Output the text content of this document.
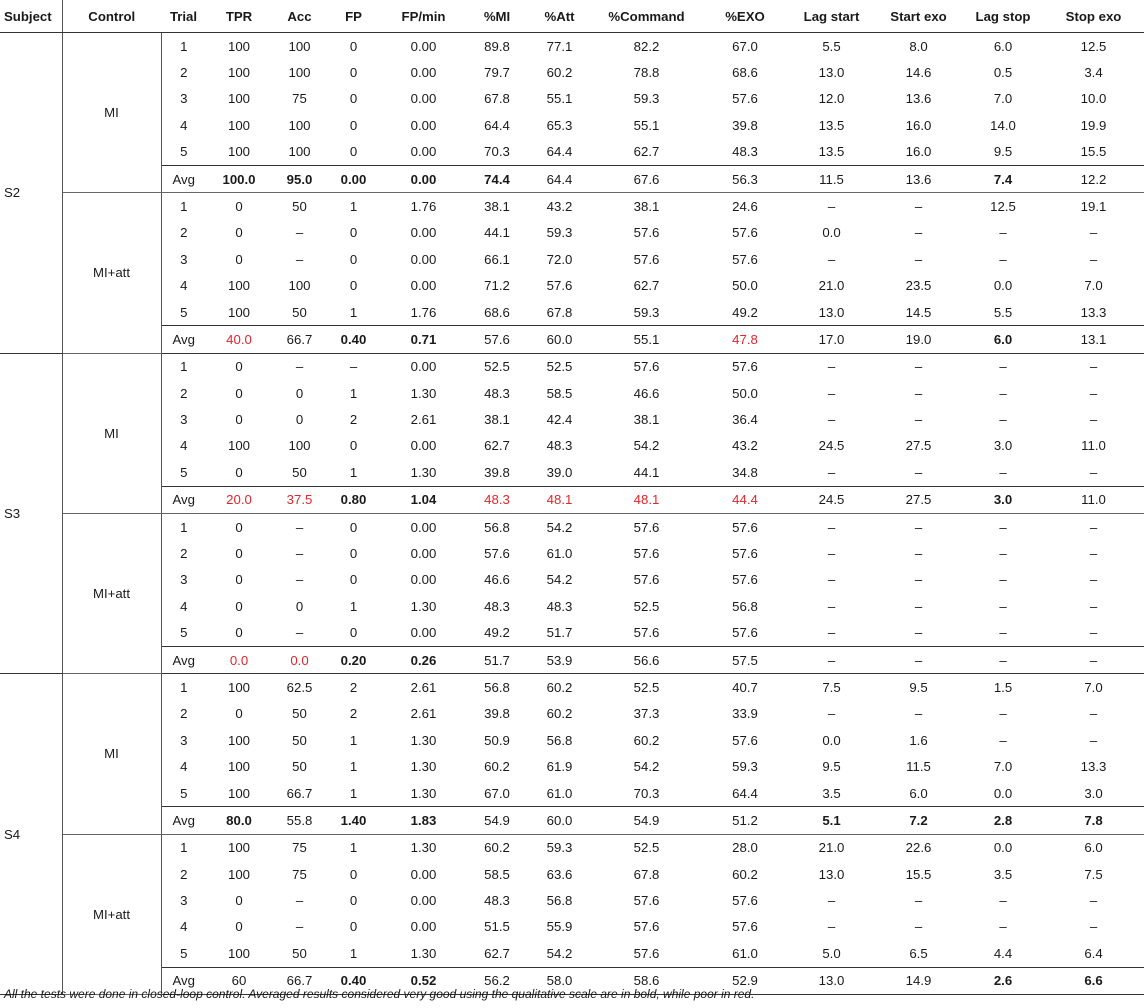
Subject	Control	Trial	TPR	Acc	FP	FP/min	%MI	%Att	%Command	%EXO	Lag start	Start exo	Lag stop	Stop exo
S2	MI	1	100	100	0	0.00	89.8	77.1	82.2	67.0	5.5	8.0	6.0	12.5
		2	100	100	0	0.00	79.7	60.2	78.8	68.6	13.0	14.6	0.5	3.4
		3	100	75	0	0.00	67.8	55.1	59.3	57.6	12.0	13.6	7.0	10.0
		4	100	100	0	0.00	64.4	65.3	55.1	39.8	13.5	16.0	14.0	19.9
		5	100	100	0	0.00	70.3	64.4	62.7	48.3	13.5	16.0	9.5	15.5
		Avg	100.0	95.0	0.00	0.00	74.4	64.4	67.6	56.3	11.5	13.6	7.4	12.2
	MI+att	1	0	50	1	1.76	38.1	43.2	38.1	24.6	–	–	12.5	19.1
		2	0	–	0	0.00	44.1	59.3	57.6	57.6	0.0	–	–	–
		3	0	–	0	0.00	66.1	72.0	57.6	57.6	–	–	–	–
		4	100	100	0	0.00	71.2	57.6	62.7	50.0	21.0	23.5	0.0	7.0
		5	100	50	1	1.76	68.6	67.8	59.3	49.2	13.0	14.5	5.5	13.3
		Avg	40.0	66.7	0.40	0.71	57.6	60.0	55.1	47.8	17.0	19.0	6.0	13.1
S3	MI	1	0	–	–	0.00	52.5	52.5	57.6	57.6	–	–	–	–
		2	0	0	1	1.30	48.3	58.5	46.6	50.0	–	–	–	–
		3	0	0	2	2.61	38.1	42.4	38.1	36.4	–	–	–	–
		4	100	100	0	0.00	62.7	48.3	54.2	43.2	24.5	27.5	3.0	11.0
		5	0	50	1	1.30	39.8	39.0	44.1	34.8	–	–	–	–
		Avg	20.0	37.5	0.80	1.04	48.3	48.1	48.1	44.4	24.5	27.5	3.0	11.0
	MI+att	1	0	–	0	0.00	56.8	54.2	57.6	57.6	–	–	–	–
		2	0	–	0	0.00	57.6	61.0	57.6	57.6	–	–	–	–
		3	0	–	0	0.00	46.6	54.2	57.6	57.6	–	–	–	–
		4	0	0	1	1.30	48.3	48.3	52.5	56.8	–	–	–	–
		5	0	–	0	0.00	49.2	51.7	57.6	57.6	–	–	–	–
		Avg	0.0	0.0	0.20	0.26	51.7	53.9	56.6	57.5	–	–	–	–
S4	MI	1	100	62.5	2	2.61	56.8	60.2	52.5	40.7	7.5	9.5	1.5	7.0
		2	0	50	2	2.61	39.8	60.2	37.3	33.9	–	–	–	–
		3	100	50	1	1.30	50.9	56.8	60.2	57.6	0.0	1.6	–	–
		4	100	50	1	1.30	60.2	61.9	54.2	59.3	9.5	11.5	7.0	13.3
		5	100	66.7	1	1.30	67.0	61.0	70.3	64.4	3.5	6.0	0.0	3.0
		Avg	80.0	55.8	1.40	1.83	54.9	60.0	54.9	51.2	5.1	7.2	2.8	7.8
	MI+att	1	100	75	1	1.30	60.2	59.3	52.5	28.0	21.0	22.6	0.0	6.0
		2	100	75	0	0.00	58.5	63.6	67.8	60.2	13.0	15.5	3.5	7.5
		3	0	–	0	0.00	48.3	56.8	57.6	57.6	–	–	–	–
		4	0	–	0	0.00	51.5	55.9	57.6	57.6	–	–	–	–
		5	100	50	1	1.30	62.7	54.2	57.6	61.0	5.0	6.5	4.4	6.4
		Avg	60	66.7	0.40	0.52	56.2	58.0	58.6	52.9	13.0	14.9	2.6	6.6
All the tests were done in closed-loop control. Averaged results considered very good using the qualitative scale are in bold, while poor in red.
